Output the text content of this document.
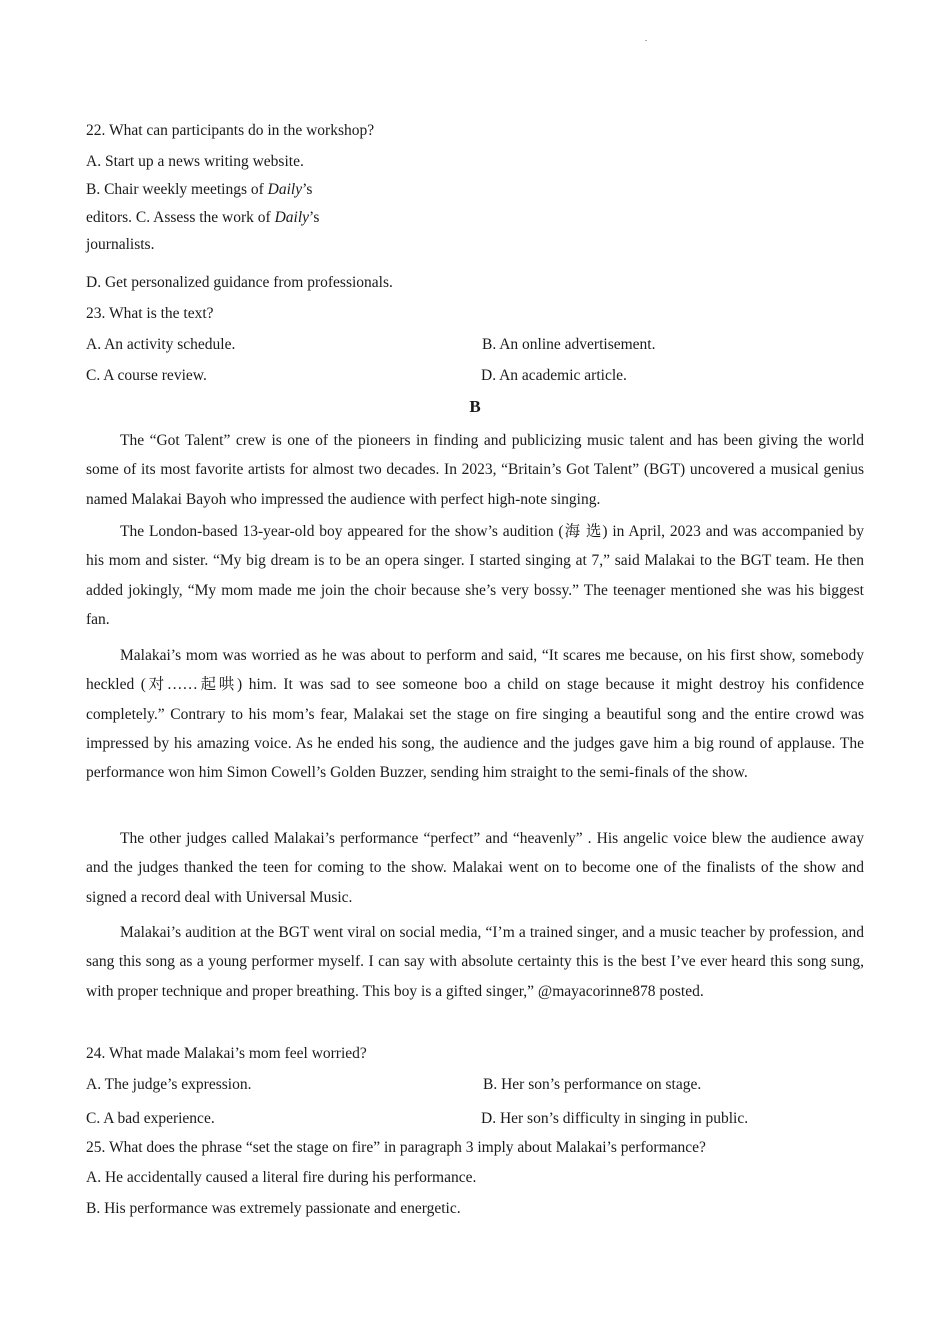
22. What can participants do in the workshop?
A. Start up a news writing website.
B. Chair weekly meetings of Daily’s
editors. C. Assess the work of Daily’s
journalists.
D. Get personalized guidance from professionals.
23. What is the text?
A. An activity schedule.	B. An online advertisement.
C. A course review.	D. An academic article.
B

The “Got Talent” crew is one of the pioneers in finding and publicizing music talent and has been giving the world some of its most favorite artists for almost two decades. In 2023, “Britain’s Got Talent” (BGT) uncovered a musical genius named Malakai Bayoh who impressed the audience with perfect high-note singing.

The London-based 13-year-old boy appeared for the show’s audition (海 选) in April, 2023 and was accompanied by his mom and sister. “My big dream is to be an opera singer. I started singing at 7,” said Malakai to the BGT team. He then added jokingly, “My mom made me join the choir because she’s very bossy.” The teenager mentioned she was his biggest fan.

Malakai’s mom was worried as he was about to perform and said, “It scares me because, on his first show, somebody heckled (对……起哄) him. It was sad to see someone boo a child on stage because it might destroy his confidence completely.” Contrary to his mom’s fear, Malakai set the stage on fire singing a beautiful song and the entire crowd was impressed by his amazing voice. As he ended his song, the audience and the judges gave him a big round of applause. The performance won him Simon Cowell’s Golden Buzzer, sending him straight to the semi-finals of the show.

The other judges called Malakai’s performance “perfect” and “heavenly” . His angelic voice blew the audience away and the judges thanked the teen for coming to the show. Malakai went on to become one of the finalists of the show and signed a record deal with Universal Music.

Malakai’s audition at the BGT went viral on social media, “I’m a trained singer, and a music teacher by profession, and sang this song as a young performer myself. I can say with absolute certainty this is the best I’ve ever heard this song sung, with proper technique and proper breathing. This boy is a gifted singer,” @mayacorinne878 posted.

24. What made Malakai’s mom feel worried?
A. The judge’s expression.	B. Her son’s performance on stage.
C. A bad experience.	D. Her son’s difficulty in singing in public.
25. What does the phrase “set the stage on fire” in paragraph 3 imply about Malakai’s performance?
A. He accidentally caused a literal fire during his performance.
B. His performance was extremely passionate and energetic.
